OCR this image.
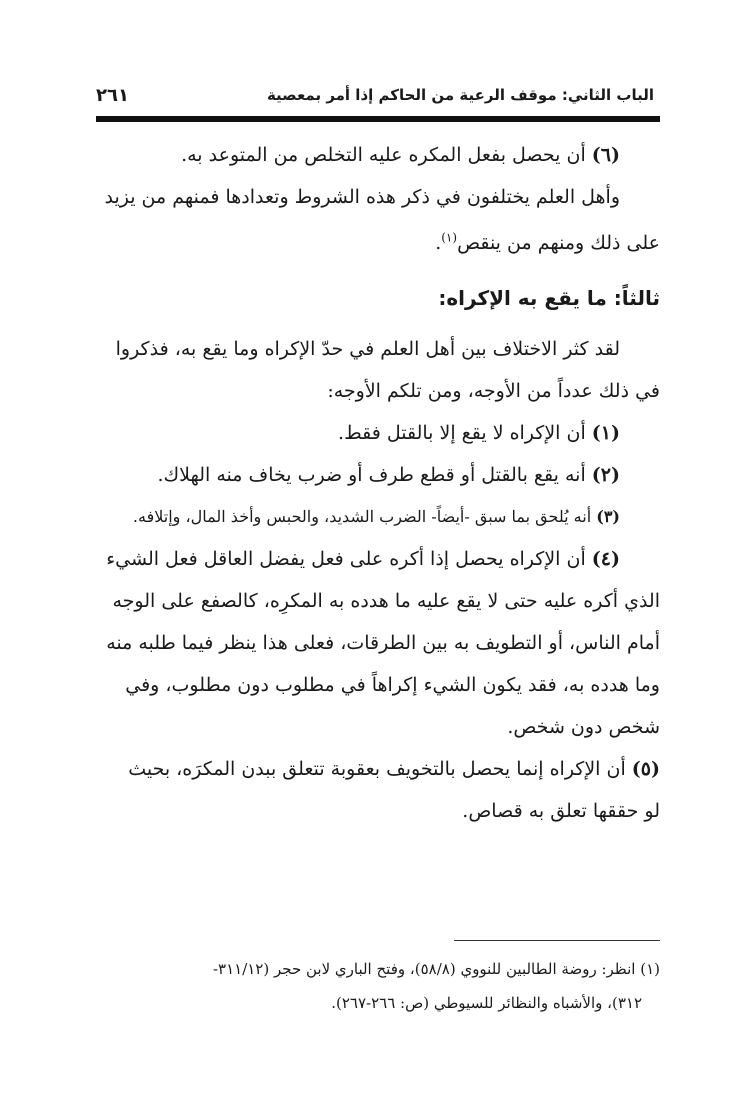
الباب الثاني: موقف الرعية من الحاكم إذا أمر بمعصية
٢٦١
(٦) أن يحصل بفعل المكره عليه التخلص من المتوعد به.
وأهل العلم يختلفون في ذكر هذه الشروط وتعدادها فمنهم من يزيد
على ذلك ومنهم من ينقص$^{(١)}$.
ثالثاً: ما يقع به الإكراه:
لقد كثر الاختلاف بين أهل العلم في حدّ الإكراه وما يقع به، فذكروا
في ذلك عدداً من الأوجه، ومن تلكم الأوجه:
(١) أن الإكراه لا يقع إلا بالقتل فقط.
(٢) أنه يقع بالقتل أو قطع طرف أو ضرب يخاف منه الهلاك.
(٣) أنه يُلحق بما سبق -أيضاً- الضرب الشديد، والحبس وأخذ المال، وإتلافه.
(٤) أن الإكراه يحصل إذا أكره على فعل يفضل العاقل فعل الشيء
الذي أكره عليه حتى لا يقع عليه ما هدده به المكرِه، كالصفع على الوجه
أمام الناس، أو التطويف به بين الطرقات، فعلى هذا ينظر فيما طلبه منه
وما هدده به، فقد يكون الشيء إكراهاً في مطلوب دون مطلوب، وفي
شخص دون شخص.
(٥) أن الإكراه إنما يحصل بالتخويف بعقوبة تتعلق ببدن المكرَه، بحيث
لو حققها تعلق به قصاص.
(١) انظر: روضة الطالبين للنووي (٥٨/٨)، وفتح الباري لابن حجر (٣١١/١٢-
٣١٢)، والأشباه والنظائر للسيوطي (ص: ٢٦٦-٢٦٧).
